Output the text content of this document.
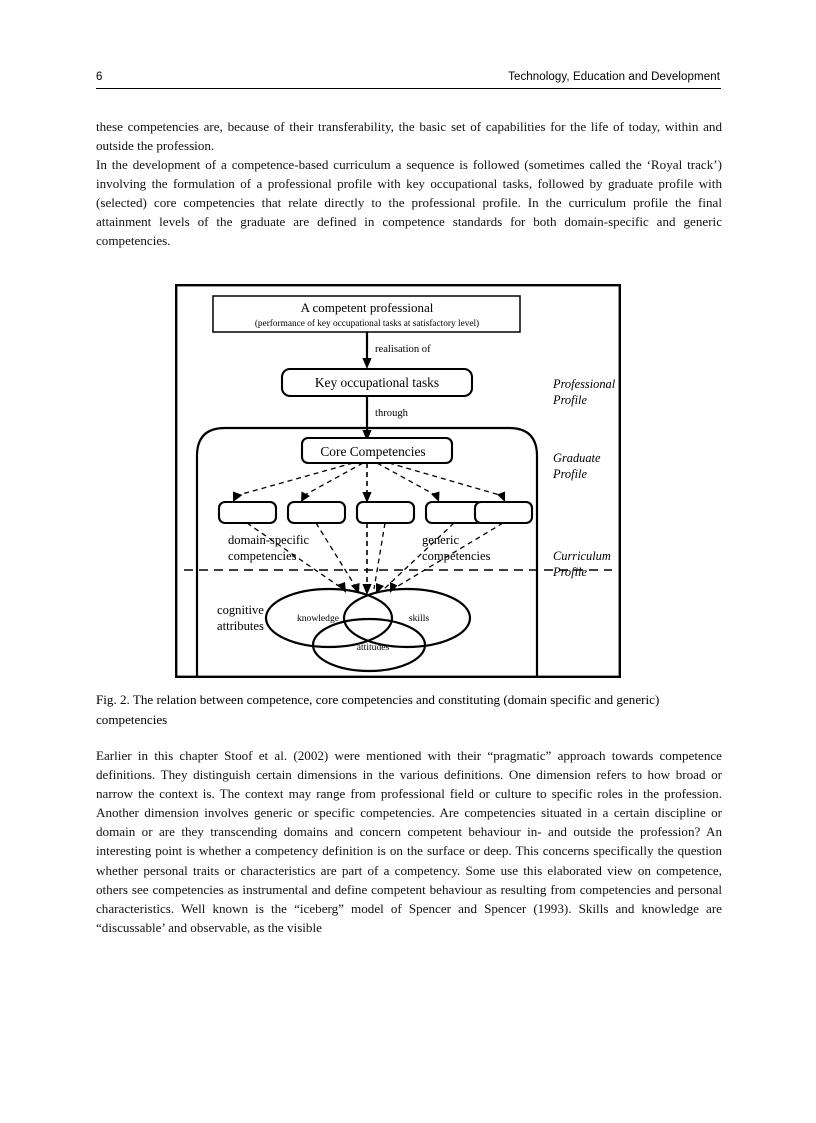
6	Technology, Education and Development
these competencies are, because of their transferability, the basic set of capabilities for the life of today, within and outside the profession.
In the development of a competence-based curriculum a sequence is followed (sometimes called the ‘Royal track’) involving the formulation of a professional profile with key occupational tasks, followed by graduate profile with (selected) core competencies that relate directly to the professional profile. In the curriculum profile the final attainment levels of the graduate are defined in competence standards for both domain-specific and generic competencies.
A competent professional
(performance of key occupational tasks at satisfactory level)
realisation of
Key occupational tasks
through
Core Competencies
domain-specific
competencies
generic
competencies
cognitive
attributes
knowledge	skills
attitudes
Professional
Profile
Graduate
Profile
Curriculum
Profile
Fig. 2. The relation between competence, core competencies and constituting (domain specific and generic) competencies
Earlier in this chapter Stoof et al. (2002) were mentioned with their “pragmatic” approach towards competence definitions. They distinguish certain dimensions in the various definitions. One dimension refers to how broad or narrow the context is. The context may range from professional field or culture to specific roles in the profession. Another dimension involves generic or specific competencies. Are competencies situated in a certain discipline or domain or are they transcending domains and concern competent behaviour in- and outside the profession? An interesting point is whether a competency definition is on the surface or deep. This concerns specifically the question whether personal traits or characteristics are part of a competency. Some use this elaborated view on competence, others see competencies as instrumental and define competent behaviour as resulting from competencies and personal characteristics. Well known is the “iceberg” model of Spencer and Spencer (1993). Skills and knowledge are “discussable’ and observable, as the visible
